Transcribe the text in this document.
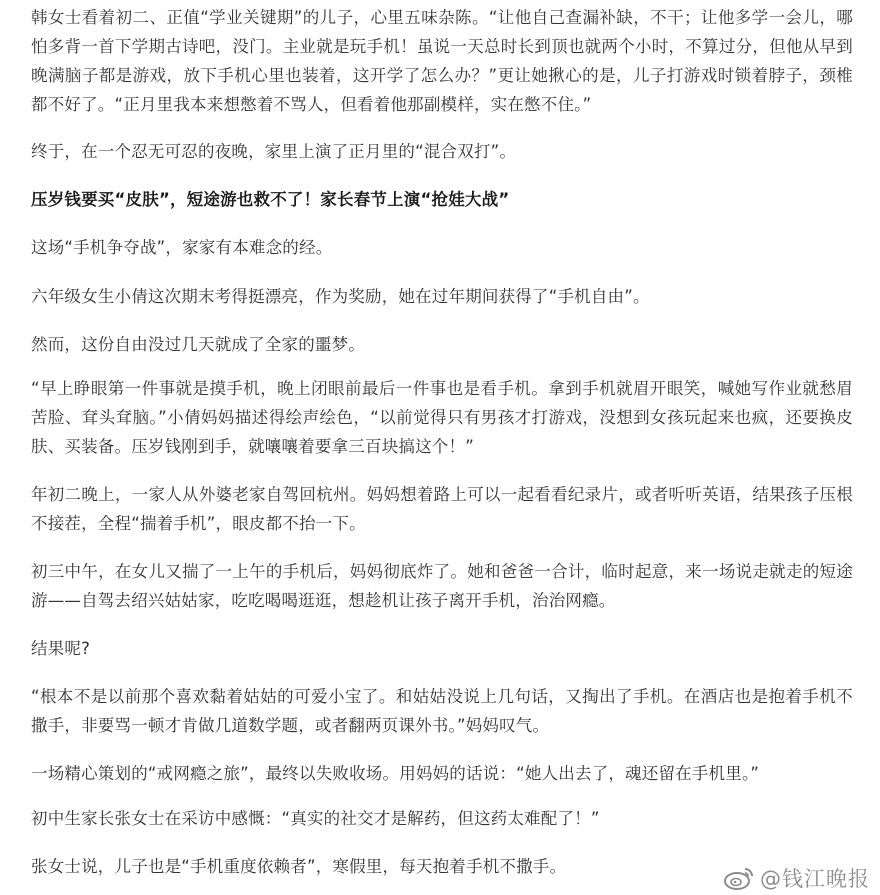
韩女士看着初二、正值“学业关键期”的儿子，心里五味杂陈。“让他自己查漏补缺，不干；让他多学一会儿，哪怕多背一首下学期古诗吧，没门。主业就是玩手机！虽说一天总时长到顶也就两个小时，不算过分，但他从早到晚满脑子都是游戏，放下手机心里也装着，这开学了怎么办？”更让她揪心的是，儿子打游戏时锁着脖子，颈椎都不好了。“正月里我本来想憋着不骂人，但看着他那副模样，实在憋不住。”

终于，在一个忍无可忍的夜晚，家里上演了正月里的“混合双打”。

压岁钱要买“皮肤”，短途游也救不了！家长春节上演“抢娃大战”

这场“手机争夺战”，家家有本难念的经。

六年级女生小倩这次期末考得挺漂亮，作为奖励，她在过年期间获得了“手机自由”。

然而，这份自由没过几天就成了全家的噩梦。

“早上睁眼第一件事就是摸手机，晚上闭眼前最后一件事也是看手机。拿到手机就眉开眼笑，喊她写作业就愁眉苦脸、耷头耷脑。”小倩妈妈描述得绘声绘色，“以前觉得只有男孩才打游戏，没想到女孩玩起来也疯，还要换皮肤、买装备。压岁钱刚到手，就嚷嚷着要拿三百块搞这个！”

年初二晚上，一家人从外婆老家自驾回杭州。妈妈想着路上可以一起看看纪录片，或者听听英语，结果孩子压根不接茬，全程“揣着手机”，眼皮都不抬一下。

初三中午，在女儿又揣了一上午的手机后，妈妈彻底炸了。她和爸爸一合计，临时起意，来一场说走就走的短途游——自驾去绍兴姑姑家，吃吃喝喝逛逛，想趁机让孩子离开手机，治治网瘾。

结果呢?

“根本不是以前那个喜欢黏着姑姑的可爱小宝了。和姑姑没说上几句话，又掏出了手机。在酒店也是抱着手机不撒手，非要骂一顿才肯做几道数学题，或者翻两页课外书。”妈妈叹气。

一场精心策划的“戒网瘾之旅”，最终以失败收场。用妈妈的话说：“她人出去了，魂还留在手机里。”

初中生家长张女士在采访中感慨：“真实的社交才是解药，但这药太难配了！”

张女士说，儿子也是“手机重度依赖者”，寒假里，每天抱着手机不撒手。

@钱江晚报
